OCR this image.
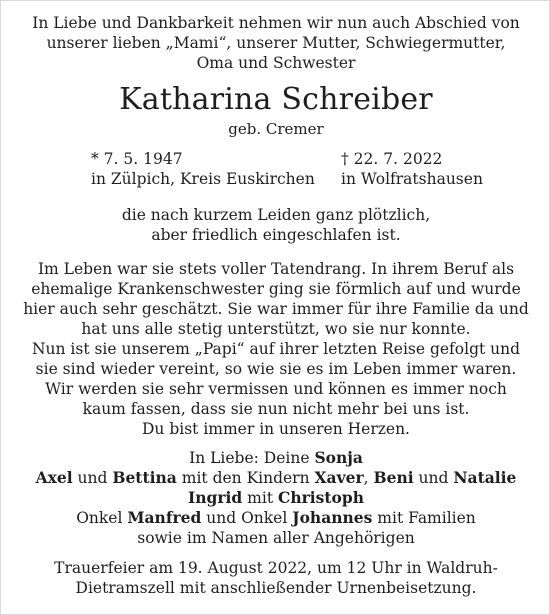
In Liebe und Dankbarkeit nehmen wir nun auch Abschied von
unserer lieben „Mami“, unserer Mutter, Schwiegermutter,
Oma und Schwester
Katharina Schreiber
geb. Cremer
* 7. 5. 1947
in Zülpich, Kreis Euskirchen
† 22. 7. 2022
in Wolfratshausen
die nach kurzem Leiden ganz plötzlich,
aber friedlich eingeschlafen ist.
Im Leben war sie stets voller Tatendrang. In ihrem Beruf als
ehemalige Krankenschwester ging sie förmlich auf und wurde
hier auch sehr geschätzt. Sie war immer für ihre Familie da und
hat uns alle stetig unterstützt, wo sie nur konnte.
Nun ist sie unserem „Papi“ auf ihrer letzten Reise gefolgt und
sie sind wieder vereint, so wie sie es im Leben immer waren.
Wir werden sie sehr vermissen und können es immer noch
kaum fassen, dass sie nun nicht mehr bei uns ist.
Du bist immer in unseren Herzen.
In Liebe: Deine Sonja
Axel und Bettina mit den Kindern Xaver, Beni und Natalie
Ingrid mit Christoph
Onkel Manfred und Onkel Johannes mit Familien
sowie im Namen aller Angehörigen
Trauerfeier am 19. August 2022, um 12 Uhr in Waldruh-
Dietramszell mit anschließender Urnenbeisetzung.
